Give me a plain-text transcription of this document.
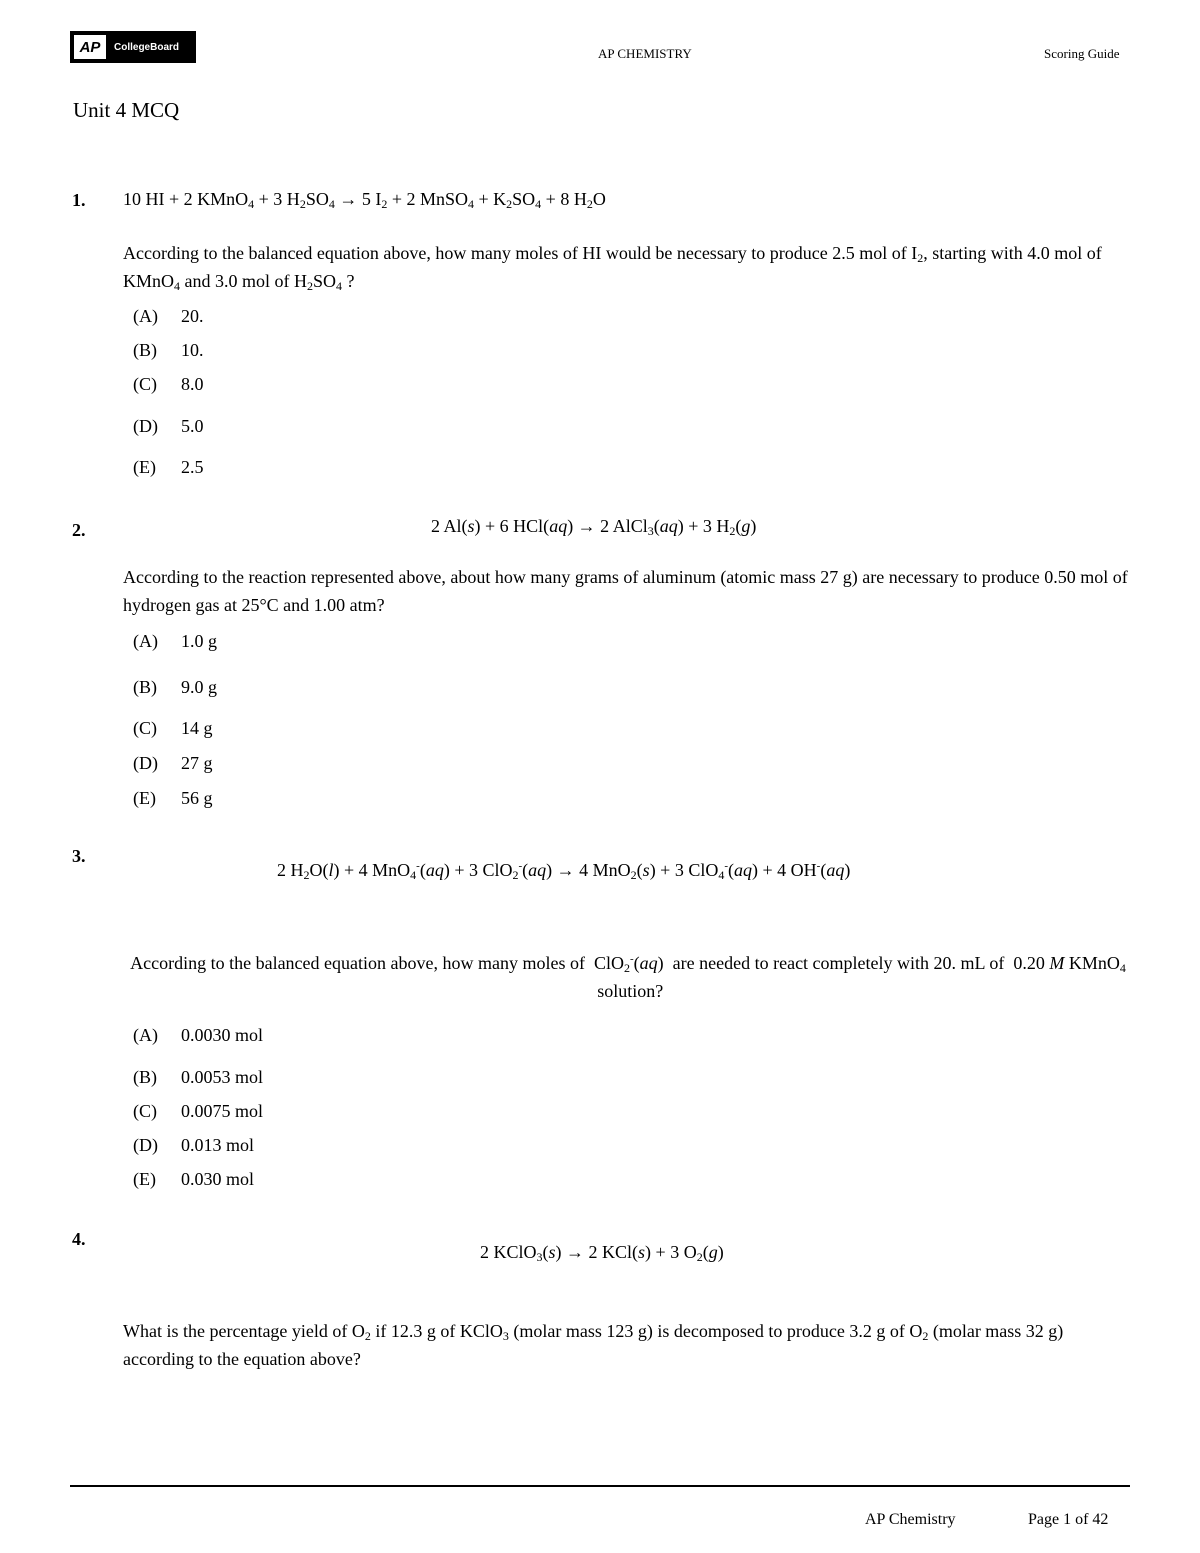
AP	CollegeBoard	AP CHEMISTRY	Scoring Guide
Unit 4 MCQ
1. 10 HI + 2 KMnO$_4$ + 3 $H_2SO_4 \to 5$ $I_2 + 2$ MnSO$_4$ + $K_2SO_4 + 8$ $H_2O$
According to the balanced equation above, how many moles of HI would be necessary to produce 2.5 mol of $I_2$, starting with 4.0 mol of KMnO$_4$ and 3.0 mol of $H_2SO_4$ ?
(A) 20.
(B) 10.
(C) 8.0
(D) 5.0
(E) 2.5
2.	2 Al(s) + 6 HCl(aq) → 2 AlCl$_3$(aq) + 3 $H_2(g)$
According to the reaction represented above, about how many grams of aluminum (atomic mass 27 g) are necessary to produce 0.50 mol of hydrogen gas at 25°C and 1.00 atm?
(A) 1.0 g
(B) 9.0 g
(C) 14 g
(D) 27 g
(E) 56 g
3.
2 $H_2O(l) + 4$ MnO$_4$-(aq) + 3 ClO$_2$-(aq) → 4 MnO$_2$(s) + 3 ClO$_4$-(aq) + 4 OH-(aq)
According to the balanced equation above, how many moles of  ClO$_2$-(aq)  are needed to react completely with 20. mL of  0.20 M KMnO$_4$  solution?
(A) 0.0030 mol
(B) 0.0053 mol
(C) 0.0075 mol
(D) 0.013 mol
(E) 0.030 mol
4.
2 KClO$_3$(s) → 2 KCl(s) + 3 $O_2(g)$
What is the percentage yield of $O_2$ if 12.3 g of KClO$_3$ (molar mass 123 g) is decomposed to produce 3.2 g of $O_2$ (molar mass 32 g) according to the equation above?
AP Chemistry	Page 1 of 42
